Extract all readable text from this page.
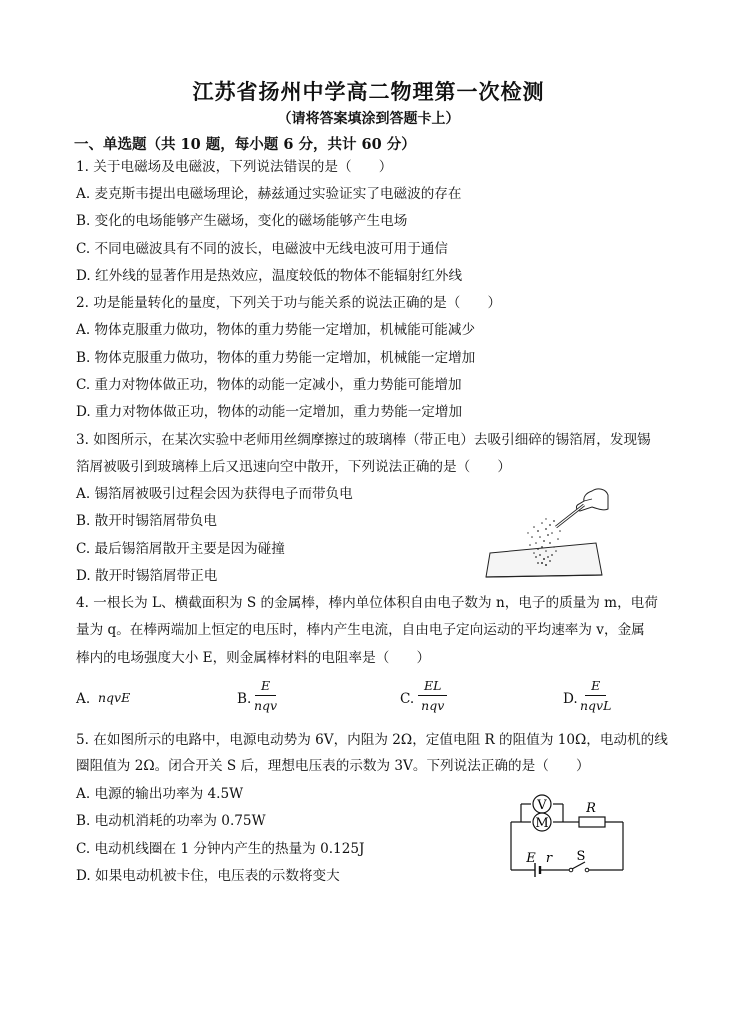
江苏省扬州中学高二物理第一次检测
（请将答案填涂到答题卡上）
一、单选题（共 10 题，每小题 6 分，共计 60 分）
1. 关于电磁场及电磁波，下列说法错误的是（　　）
A. 麦克斯韦提出电磁场理论，赫兹通过实验证实了电磁波的存在
B. 变化的电场能够产生磁场，变化的磁场能够产生电场
C. 不同电磁波具有不同的波长，电磁波中无线电波可用于通信
D. 红外线的显著作用是热效应，温度较低的物体不能辐射红外线
2. 功是能量转化的量度，下列关于功与能关系的说法正确的是（　　）
A. 物体克服重力做功，物体的重力势能一定增加，机械能可能减少
B. 物体克服重力做功，物体的重力势能一定增加，机械能一定增加
C. 重力对物体做正功，物体的动能一定减小，重力势能可能增加
D. 重力对物体做正功，物体的动能一定增加，重力势能一定增加
3. 如图所示，在某次实验中老师用丝绸摩擦过的玻璃棒（带正电）去吸引细碎的锡箔屑，发现锡
箔屑被吸引到玻璃棒上后又迅速向空中散开，下列说法正确的是（　　）
A. 锡箔屑被吸引过程会因为获得电子而带负电
B. 散开时锡箔屑带负电
C. 最后锡箔屑散开主要是因为碰撞
D. 散开时锡箔屑带正电
4. 一根长为 L、横截面积为 S 的金属棒，棒内单位体积自由电子数为 n，电子的质量为 m，电荷
量为 q。在棒两端加上恒定的电压时，棒内产生电流，自由电子定向运动的平均速率为 v，金属
棒内的电场强度大小 E，则金属棒材料的电阻率是（　　）
A. nqvE	B.
E
nqv	C.
EL
nqv	D.
E
nqvL
5. 在如图所示的电路中，电源电动势为 6V，内阻为 2Ω，定值电阻 R 的阻值为 10Ω，电动机的线
圈阻值为 2Ω。闭合开关 S 后，理想电压表的示数为 3V。下列说法正确的是（　　）
A. 电源的输出功率为 4.5W
B. 电动机消耗的功率为 0.75W
C. 电动机线圈在 1 分钟内产生的热量为 0.125J
D. 如果电动机被卡住，电压表的示数将变大
V
M
R
E r S
